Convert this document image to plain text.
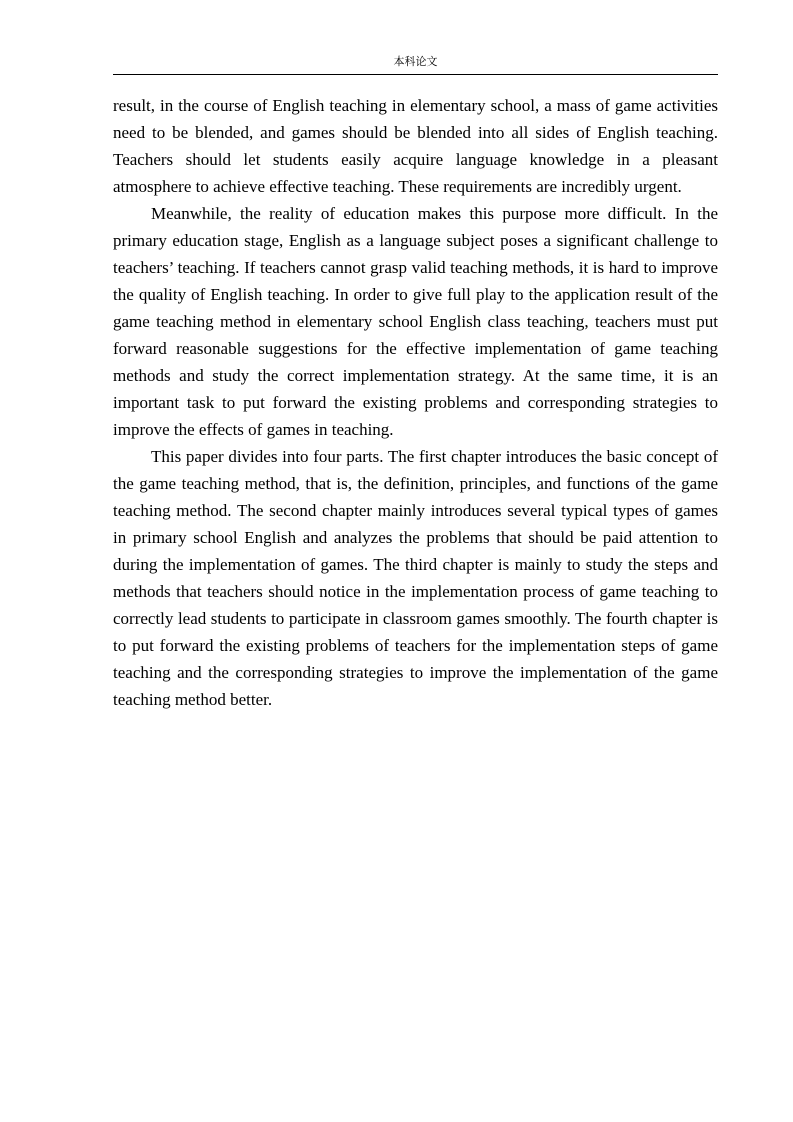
本科论文

result, in the course of English teaching in elementary school, a mass of game activities need to be blended, and games should be blended into all sides of English teaching. Teachers should let students easily acquire language knowledge in a pleasant atmosphere to achieve effective teaching. These requirements are incredibly urgent.

Meanwhile, the reality of education makes this purpose more difficult. In the primary education stage, English as a language subject poses a significant challenge to teachers’ teaching. If teachers cannot grasp valid teaching methods, it is hard to improve the quality of English teaching. In order to give full play to the application result of the game teaching method in elementary school English class teaching, teachers must put forward reasonable suggestions for the effective implementation of game teaching methods and study the correct implementation strategy. At the same time, it is an important task to put forward the existing problems and corresponding strategies to improve the effects of games in teaching.

This paper divides into four parts. The first chapter introduces the basic concept of the game teaching method, that is, the definition, principles, and functions of the game teaching method. The second chapter mainly introduces several typical types of games in primary school English and analyzes the problems that should be paid attention to during the implementation of games. The third chapter is mainly to study the steps and methods that teachers should notice in the implementation process of game teaching to correctly lead students to participate in classroom games smoothly. The fourth chapter is to put forward the existing problems of teachers for the implementation steps of game teaching and the corresponding strategies to improve the implementation of the game teaching method better.
